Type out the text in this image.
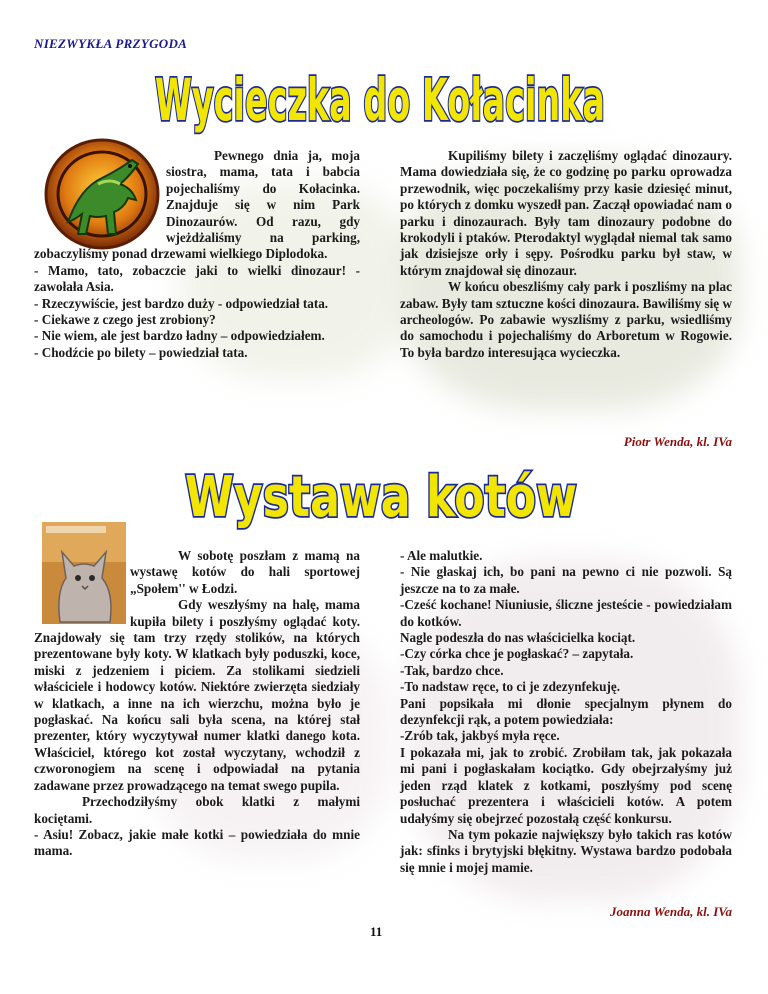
NIEZWYKŁA PRZYGODA
Wycieczka do Kołacinka

Pewnego dnia ja, moja siostra, mama, tata i babcia pojechaliśmy do Kołacinka. Znajduje się w nim Park Dinozaurów. Od razu, gdy wjeżdżaliśmy na parking, zobaczyliśmy ponad drzewami wielkiego Diplodoka.

- Mamo, tato, zobaczcie jaki to wielki dinozaur! - zawołała Asia.

- Rzeczywiście, jest bardzo duży - odpowiedział tata.

- Ciekawe z czego jest zrobiony?

- Nie wiem, ale jest bardzo ładny – odpowiedziałem.

- Chodźcie po bilety – powiedział tata.

Kupiliśmy bilety i zaczęliśmy oglądać dinozaury. Mama dowiedziała się, że co godzinę po parku oprowadza przewodnik, więc poczekaliśmy przy kasie dziesięć minut, po których z domku wyszedł pan. Zaczął opowiadać nam o parku i dinozaurach. Były tam dinozaury podobne do krokodyli i ptaków. Pterodaktyl wyglądał niemal tak samo jak dzisiejsze orły i sępy. Pośrodku parku był staw, w którym znajdował się dinozaur.

W końcu obeszliśmy cały park i poszliśmy na plac zabaw. Były tam sztuczne kości dinozaura. Bawiliśmy się w archeologów. Po zabawie wyszliśmy z parku, wsiedliśmy do samochodu i pojechaliśmy do Arboretum w Rogowie. To była bardzo interesująca wycieczka.

Piotr Wenda, kl. IVa
Wystawa kotów

W sobotę poszłam z mamą na wystawę kotów do hali sportowej „Społem'' w Łodzi.

Gdy weszłyśmy na halę, mama kupiła bilety i poszłyśmy oglądać koty. Znajdowały się tam trzy rzędy stolików, na których prezentowane były koty. W klatkach były poduszki, koce, miski z jedzeniem i piciem. Za stolikami siedzieli właściciele i hodowcy kotów. Niektóre zwierzęta siedziały w klatkach, a inne na ich wierzchu, można było je pogłaskać. Na końcu sali była scena, na której stał prezenter, który wyczytywał numer klatki danego kota. Właściciel, którego kot został wyczytany, wchodził z czworonogiem na scenę i odpowiadał na pytania zadawane przez prowadzącego na temat swego pupila.

Przechodziłyśmy obok klatki z małymi kociętami.

- Asiu! Zobacz, jakie małe kotki – powiedziała do mnie mama.

- Ale malutkie.

- Nie głaskaj ich, bo pani na pewno ci nie pozwoli. Są jeszcze na to za małe.

-Cześć kochane! Niuniusie, śliczne jesteście - powiedziałam do kotków.

Nagle podeszła do nas właścicielka kociąt.

-Czy córka chce je pogłaskać? – zapytała.

-Tak, bardzo chce.

-To nadstaw ręce, to ci je zdezynfekuję.

Pani popsikała mi dłonie specjalnym płynem do dezynfekcji rąk, a potem powiedziała:

-Zrób tak, jakbyś myła ręce.

I pokazała mi, jak to zrobić. Zrobiłam tak, jak pokazała mi pani i pogłaskałam kociątko. Gdy obejrzałyśmy już jeden rząd klatek z kotkami, poszłyśmy pod scenę posłuchać prezentera i właścicieli kotów. A potem udałyśmy się obejrzeć pozostałą część konkursu.

Na tym pokazie największy było takich ras kotów jak: sfinks i brytyjski błękitny. Wystawa bardzo podobała się mnie i mojej mamie.

Joanna Wenda, kl. IVa
11
